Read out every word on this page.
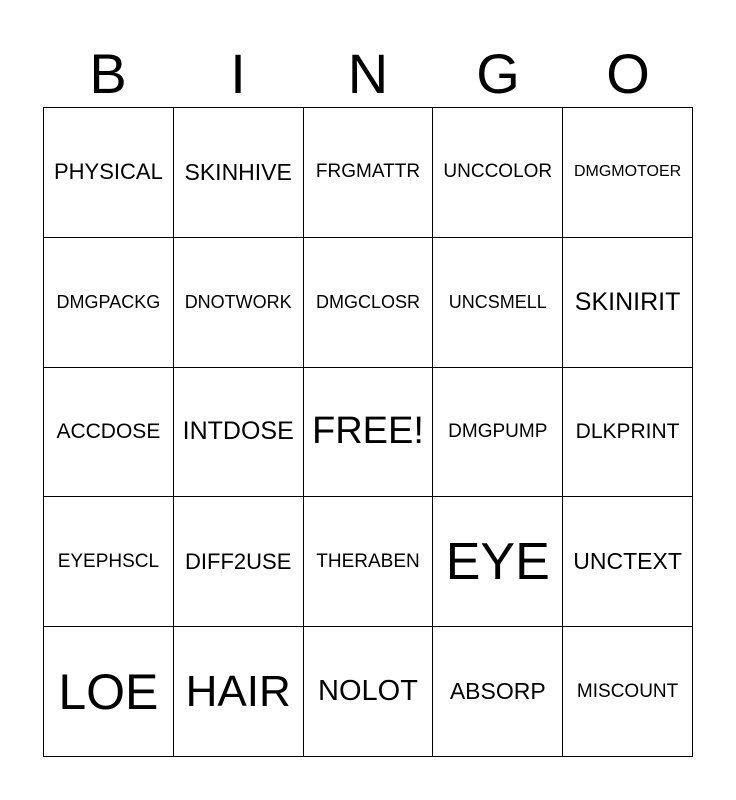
B	I	N	G	O
PHYSICAL SKINHIVE FRGMATTR UNCCOLOR DMGMOTOER
DMGPACKG DNOTWORK DMGCLOSR UNCSMELL SKINIRIT
ACCDOSE INTDOSE FREE! DMGPUMP DLKPRINT
EYEPHSCL DIFF2USE THERABEN EYE UNCTEXT
LOE HAIR NOLOT ABSORP MISCOUNT
